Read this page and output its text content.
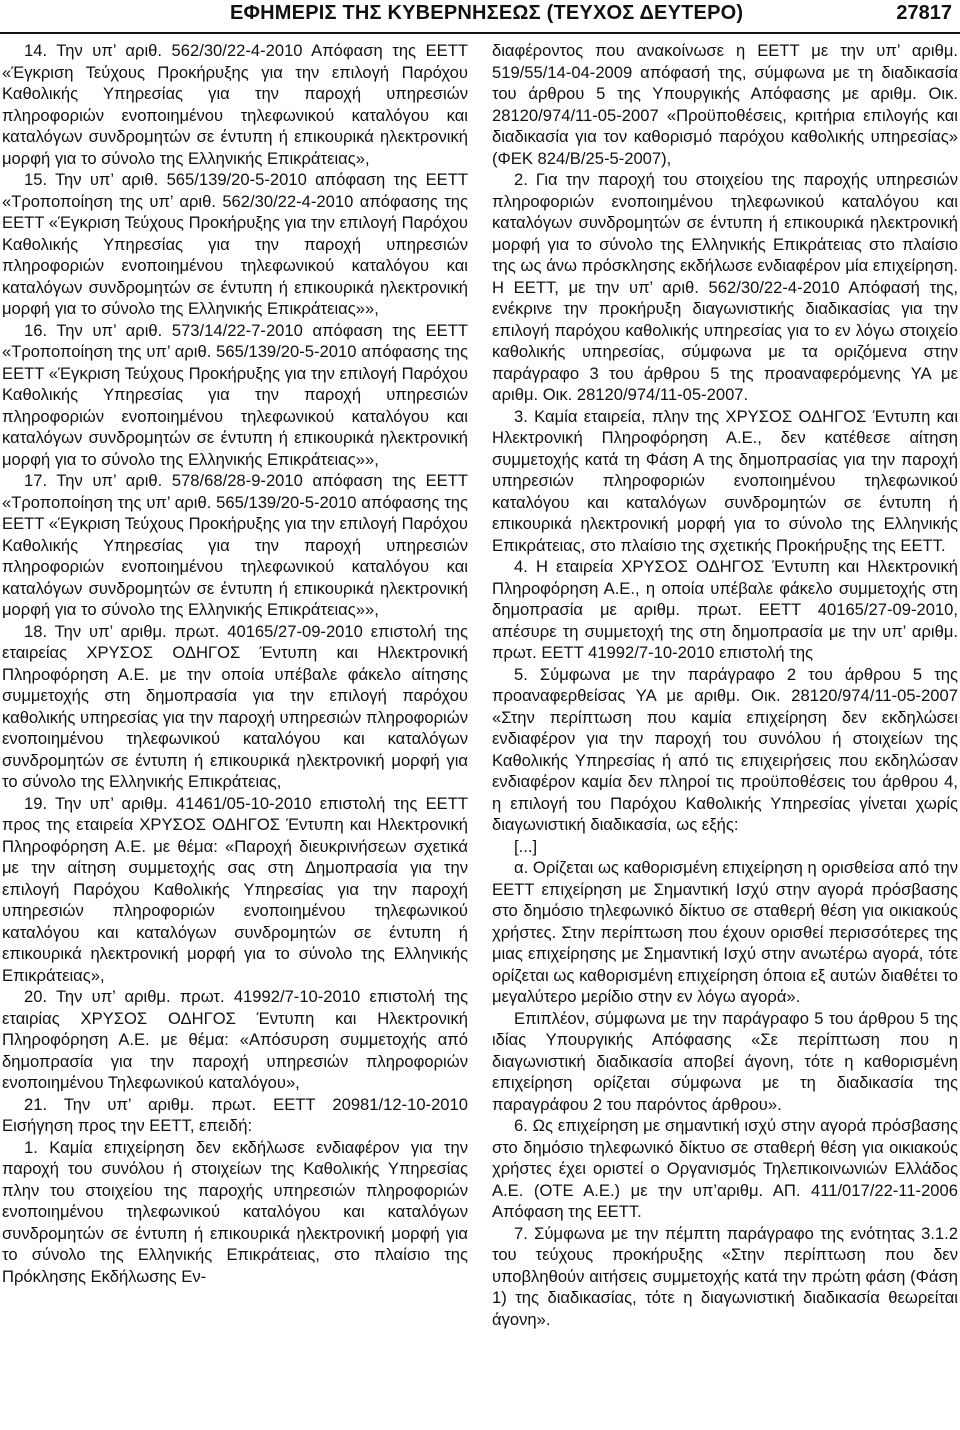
ΕΦΗΜΕΡΙΣ ΤΗΣ ΚΥΒΕΡΝΗΣΕΩΣ (ΤΕΥΧΟΣ ΔΕΥΤΕΡΟ)	27817

14. Την υπ’ αριθ. 562/30/22-4-2010 Απόφαση της ΕΕΤΤ «Έγκριση Τεύχους Προκήρυξης για την επιλογή Παρόχου Καθολικής Υπηρεσίας για την παροχή υπηρεσιών πληροφοριών ενοποιημένου τηλεφωνικού καταλόγου και καταλόγων συνδρομητών σε έντυπη ή επικουρικά ηλεκτρονική μορφή για το σύνολο της Ελληνικής Επικράτειας»,

15. Την υπ’ αριθ. 565/139/20-5-2010 απόφαση της ΕΕΤΤ «Τροποποίηση της υπ’ αριθ. 562/30/22-4-2010 απόφασης της ΕΕΤΤ «Έγκριση Τεύχους Προκήρυξης για την επιλογή Παρόχου Καθολικής Υπηρεσίας για την παροχή υπηρεσιών πληροφοριών ενοποιημένου τηλεφωνικού καταλόγου και καταλόγων συνδρομητών σε έντυπη ή επικουρικά ηλεκτρονική μορφή για το σύνολο της Ελληνικής Επικράτειας»»,

16. Την υπ’ αριθ. 573/14/22-7-2010 απόφαση της ΕΕΤΤ «Τροποποίηση της υπ’ αριθ. 565/139/20-5-2010 απόφασης της ΕΕΤΤ «Έγκριση Τεύχους Προκήρυξης για την επιλογή Παρόχου Καθολικής Υπηρεσίας για την παροχή υπηρεσιών πληροφοριών ενοποιημένου τηλεφωνικού καταλόγου και καταλόγων συνδρομητών σε έντυπη ή επικουρικά ηλεκτρονική μορφή για το σύνολο της Ελληνικής Επικράτειας»»,

17. Την υπ’ αριθ. 578/68/28-9-2010 απόφαση της ΕΕΤΤ «Τροποποίηση της υπ’ αριθ. 565/139/20-5-2010 απόφασης της ΕΕΤΤ «Έγκριση Τεύχους Προκήρυξης για την επιλογή Παρόχου Καθολικής Υπηρεσίας για την παροχή υπηρεσιών πληροφοριών ενοποιημένου τηλεφωνικού καταλόγου και καταλόγων συνδρομητών σε έντυπη ή επικουρικά ηλεκτρονική μορφή για το σύνολο της Ελληνικής Επικράτειας»»,

18. Την υπ’ αριθμ. πρωτ. 40165/27-09-2010 επιστολή της εταιρείας ΧΡΥΣΟΣ ΟΔΗΓΟΣ Έντυπη και Ηλεκτρονική Πληροφόρηση Α.Ε. με την οποία υπέβαλε φάκελο αίτησης συμμετοχής στη δημοπρασία για την επιλογή παρόχου καθολικής υπηρεσίας για την παροχή υπηρεσιών πληροφοριών ενοποιημένου τηλεφωνικού καταλόγου και καταλόγων συνδρομητών σε έντυπη ή επικουρικά ηλεκτρονική μορφή για το σύνολο της Ελληνικής Επικράτειας,

19. Την υπ’ αριθμ. 41461/05-10-2010 επιστολή της ΕΕΤΤ προς της εταιρεία ΧΡΥΣΟΣ ΟΔΗΓΟΣ Έντυπη και Ηλεκτρονική Πληροφόρηση Α.Ε. με θέμα: «Παροχή διευκρινήσεων σχετικά με την αίτηση συμμετοχής σας στη Δημοπρασία για την επιλογή Παρόχου Καθολικής Υπηρεσίας για την παροχή υπηρεσιών πληροφοριών ενοποιημένου τηλεφωνικού καταλόγου και καταλόγων συνδρομητών σε έντυπη ή επικουρικά ηλεκτρονική μορφή για το σύνολο της Ελληνικής Επικράτειας»,

20. Την υπ’ αριθμ. πρωτ. 41992/7-10-2010 επιστολή της εταιρίας ΧΡΥΣΟΣ ΟΔΗΓΟΣ Έντυπη και Ηλεκτρονική Πληροφόρηση Α.Ε. με θέμα: «Απόσυρση συμμετοχής από δημοπρασία για την παροχή υπηρεσιών πληροφοριών ενοποιημένου Τηλεφωνικού καταλόγου»,

21. Την υπ’ αριθμ. πρωτ. ΕΕΤΤ 20981/12-10-2010 Εισήγηση προς την ΕΕΤΤ, επειδή:

1. Καμία επιχείρηση δεν εκδήλωσε ενδιαφέρον για την παροχή του συνόλου ή στοιχείων της Καθολικής Υπηρεσίας πλην του στοιχείου της παροχής υπηρεσιών πληροφοριών ενοποιημένου τηλεφωνικού καταλόγου και καταλόγων συνδρομητών σε έντυπη ή επικουρικά ηλεκτρονική μορφή για το σύνολο της Ελληνικής Επικράτειας, στο πλαίσιο της Πρόκλησης Εκδήλωσης Εν-

διαφέροντος που ανακοίνωσε η ΕΕΤΤ με την υπ’ αριθμ. 519/55/14-04-2009 απόφασή της, σύμφωνα με τη διαδικασία του άρθρου 5 της Υπουργικής Απόφασης με αριθμ. Οικ. 28120/974/11-05-2007 «Προϋποθέσεις, κριτήρια επιλογής και διαδικασία για τον καθορισμό παρόχου καθολικής υπηρεσίας» (ΦΕΚ 824/Β/25-5-2007),

2. Για την παροχή του στοιχείου της παροχής υπηρεσιών πληροφοριών ενοποιημένου τηλεφωνικού καταλόγου και καταλόγων συνδρομητών σε έντυπη ή επικουρικά ηλεκτρονική μορφή για το σύνολο της Ελληνικής Επικράτειας στο πλαίσιο της ως άνω πρόσκλησης εκδήλωσε ενδιαφέρον μία επιχείρηση. Η ΕΕΤΤ, με την υπ’ αριθ. 562/30/22-4-2010 Απόφασή της, ενέκρινε την προκήρυξη διαγωνιστικής διαδικασίας για την επιλογή παρόχου καθολικής υπηρεσίας για το εν λόγω στοιχείο καθολικής υπηρεσίας, σύμφωνα με τα οριζόμενα στην παράγραφο 3 του άρθρου 5 της προαναφερόμενης ΥΑ με αριθμ. Οικ. 28120/974/11-05-2007.

3. Καμία εταιρεία, πλην της ΧΡΥΣΟΣ ΟΔΗΓΟΣ Έντυπη και Ηλεκτρονική Πληροφόρηση Α.Ε., δεν κατέθεσε αίτηση συμμετοχής κατά τη Φάση Α της δημοπρασίας για την παροχή υπηρεσιών πληροφοριών ενοποιημένου τηλεφωνικού καταλόγου και καταλόγων συνδρομητών σε έντυπη ή επικουρικά ηλεκτρονική μορφή για το σύνολο της Ελληνικής Επικράτειας, στο πλαίσιο της σχετικής Προκήρυξης της ΕΕΤΤ.

4. Η εταιρεία ΧΡΥΣΟΣ ΟΔΗΓΟΣ Έντυπη και Ηλεκτρονική Πληροφόρηση Α.Ε., η οποία υπέβαλε φάκελο συμμετοχής στη δημοπρασία με αριθμ. πρωτ. ΕΕΤΤ 40165/27-09-2010, απέσυρε τη συμμετοχή της στη δημοπρασία με την υπ’ αριθμ. πρωτ. ΕΕΤΤ 41992/7-10-2010 επιστολή της

5. Σύμφωνα με την παράγραφο 2 του άρθρου 5 της προαναφερθείσας ΥΑ με αριθμ. Οικ. 28120/974/11-05-2007 «Στην περίπτωση που καμία επιχείρηση δεν εκδηλώσει ενδιαφέρον για την παροχή του συνόλου ή στοιχείων της Καθολικής Υπηρεσίας ή από τις επιχειρήσεις που εκδηλώσαν ενδιαφέρον καμία δεν πληροί τις προϋποθέσεις του άρθρου 4, η επιλογή του Παρόχου Καθολικής Υπηρεσίας γίνεται χωρίς διαγωνιστική διαδικασία, ως εξής:

[...]

α. Ορίζεται ως καθορισμένη επιχείρηση η ορισθείσα από την ΕΕΤΤ επιχείρηση με Σημαντική Ισχύ στην αγορά πρόσβασης στο δημόσιο τηλεφωνικό δίκτυο σε σταθερή θέση για οικιακούς χρήστες. Στην περίπτωση που έχουν ορισθεί περισσότερες της μιας επιχείρησης με Σημαντική Ισχύ στην ανωτέρω αγορά, τότε ορίζεται ως καθορισμένη επιχείρηση όποια εξ αυτών διαθέτει το μεγαλύτερο μερίδιο στην εν λόγω αγορά».

Επιπλέον, σύμφωνα με την παράγραφο 5 του άρθρου 5 της ιδίας Υπουργικής Απόφασης «Σε περίπτωση που η διαγωνιστική διαδικασία αποβεί άγονη, τότε η καθορισμένη επιχείρηση ορίζεται σύμφωνα με τη διαδικασία της παραγράφου 2 του παρόντος άρθρου».

6. Ως επιχείρηση με σημαντική ισχύ στην αγορά πρόσβασης στο δημόσιο τηλεφωνικό δίκτυο σε σταθερή θέση για οικιακούς χρήστες έχει οριστεί ο Οργανισμός Τηλεπικοινωνιών Ελλάδος Α.Ε. (ΟΤΕ Α.Ε.) με την υπ’αριθμ. ΑΠ. 411/017/22-11-2006 Απόφαση της ΕΕΤΤ.

7. Σύμφωνα με την πέμπτη παράγραφο της ενότητας 3.1.2 του τεύχους προκήρυξης «Στην περίπτωση που δεν υποβληθούν αιτήσεις συμμετοχής κατά την πρώτη φάση (Φάση 1) της διαδικασίας, τότε η διαγωνιστική διαδικασία θεωρείται άγονη».
